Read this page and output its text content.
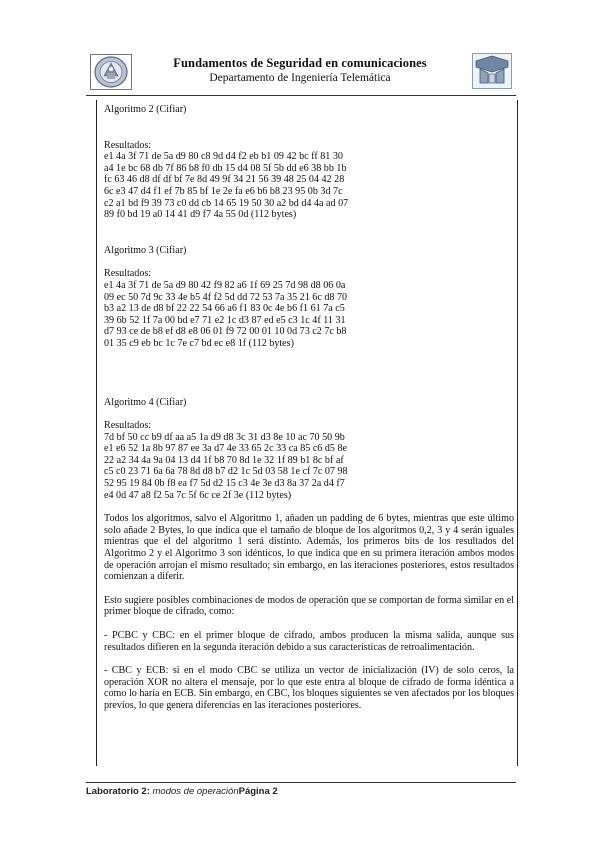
Fundamentos de Seguridad en comunicaciones
Departamento de Ingeniería Telemática

Algoritmo 2 (Cifiar)

Resultados:

e1 4a 3f 71 de 5a d9 80 c8 9d d4 f2 eb b1 09 42 bc ff 81 30

a4 1e bc 68 db 7f 86 b8 f0 db 15 d4 08 5f 5b dd e6 38 bb 1b

fc 63 46 d8 df df bf 7e 8d 49 9f 34 21 56 39 48 25 04 42 28

6c e3 47 d4 f1 ef 7b 85 bf 1e 2e fa e6 b6 b8 23 95 0b 3d 7c

c2 a1 bd f9 39 73 c0 dd cb 14 65 19 50 30 a2 bd d4 4a ad 07

89 f0 bd 19 a0 14 41 d9 f7 4a 55 0d (112 bytes)

Algoritmo 3 (Cifiar)

Resultados:

e1 4a 3f 71 de 5a d9 80 42 f9 82 a6 1f 69 25 7d 98 d8 06 0a

09 ec 50 7d 9c 33 4e b5 4f f2 5d dd 72 53 7a 35 21 6c d8 70

b3 a2 13 de d8 bf 22 22 54 66 a6 f1 83 0c 4e b6 f1 61 7a c5

39 6b 52 1f 7a 00 bd e7 71 e2 1c d3 87 ed e5 c3 1c 4f 11 31

d7 93 ce de b8 ef d8 e8 06 01 f9 72 00 01 10 0d 73 c2 7c b8

01 35 c9 eb bc 1c 7e c7 bd ec e8 1f (112 bytes)

Algoritmo 4 (Cifiar)

Resultados:

7d bf 50 cc b9 df aa a5 1a d9 d8 3c 31 d3 8e 10 ac 70 50 9b

e1 e6 52 1a 8b 97 87 ee 3a d7 4e 33 65 2c 33 ca 85 c6 d5 8e

22 a2 34 4a 9a 04 13 d4 1f b8 70 8d 1e 32 1f 89 b1 8c bf af

c5 c0 23 71 6a 6a 78 8d d8 b7 d2 1c 5d 03 58 1e cf 7c 07 98

52 95 19 84 0b f8 ea f7 5d d2 15 c3 4e 3e d3 8a 37 2a d4 f7

e4 0d 47 a8 f2 5a 7c 5f 6c ce 2f 3e (112 bytes)

Todos los algoritmos, salvo el Algoritmo 1, añaden un padding de 6 bytes, mientras que este último solo añade 2 Bytes, lo que indica que el tamaño de bloque de los algoritmos 0,2, 3 y 4 serán iguales mientras que el del algoritmo 1 será distinto. Además, los primeros bits de los resultados del Algoritmo 2 y el Algoritmo 3 son idénticos, lo que indica que en su primera iteración ambos modos de operación arrojan el mismo resultado; sin embargo, en las iteraciones posteriores, estos resultados comienzan a diferir.

Esto sugiere posibles combinaciones de modos de operación que se comportan de forma similar en el primer bloque de cifrado, como:

- PCBC y CBC: en el primer bloque de cifrado, ambos producen la misma salida, aunque sus resultados difieren en la segunda iteración debido a sus características de retroalimentación.

- CBC y ECB: si en el modo CBC se utiliza un vector de inicialización (IV) de solo ceros, la operación XOR no altera el mensaje, por lo que este entra al bloque de cifrado de forma idéntica a como lo haría en ECB. Sin embargo, en CBC, los bloques siguientes se ven afectados por los bloques previos, lo que genera diferencias en las iteraciones posteriores.

Laboratorio 2: modos de operaciónPágina 2
